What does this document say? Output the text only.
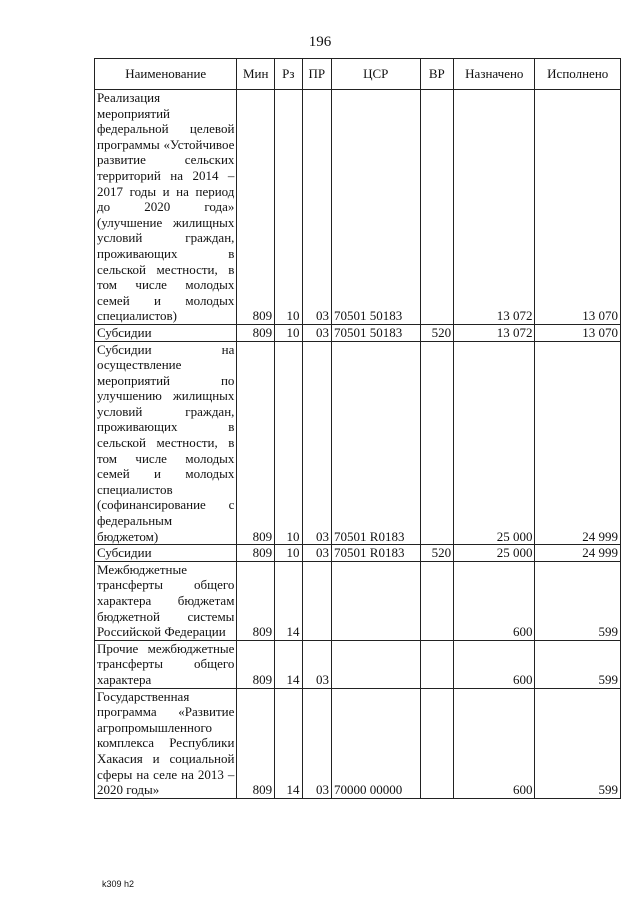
196
Наименование	Мин	Рз	ПР	ЦСР	ВР	Назначено	Исполнено
Реализация мероприятий федеральной целевой программы «Устойчивое развитие сельских территорий на 2014 – 2017 годы и на период до 2020 года» (улучшение жилищных условий граждан, проживающих в сельской местности, в том числе молодых семей и молодых специалистов)	809	10	03	70501 50183		13 072	13 070
Субсидии	809	10	03	70501 50183	520	13 072	13 070
Субсидии на осуществление мероприятий по улучшению жилищных условий граждан, проживающих в сельской местности, в том числе молодых семей и молодых специалистов (софинансирование с федеральным бюджетом)	809	10	03	70501 R0183		25 000	24 999
Субсидии	809	10	03	70501 R0183	520	25 000	24 999
Межбюджетные трансферты общего характера бюджетам бюджетной системы Российской Федерации	809	14				600	599
Прочие межбюджетные трансферты общего характера	809	14	03			600	599
Государственная программа «Развитие агропромышленного комплекса Республики Хакасия и социальной сферы на селе на 2013 – 2020 годы»	809	14	03	70000 00000		600	599
k309 h2
